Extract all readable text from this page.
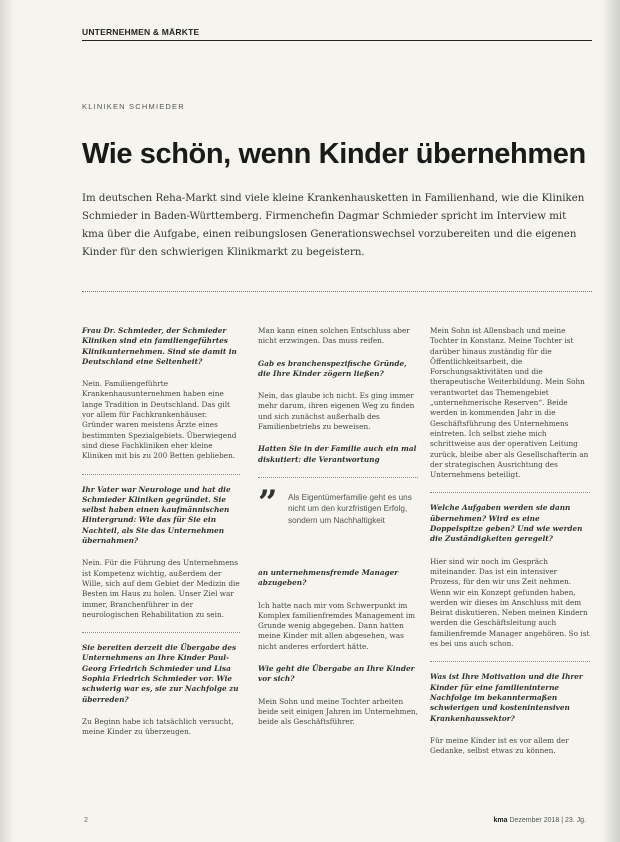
UNTERNEHMEN & MÄRKTE
KLINIKEN SCHMIEDER
Wie schön, wenn Kinder übernehmen

Im deutschen Reha-Markt sind viele kleine Krankenhausketten in Familienhand, wie die Kliniken Schmieder in Baden-Württemberg. Firmenchefin Dagmar Schmieder spricht im Interview mit kma über die Aufgabe, einen reibungslosen Generationswechsel vorzubereiten und die eigenen Kinder für den schwierigen Klinikmarkt zu begeistern.

Frau Dr. Schmieder, der Schmieder Kliniken sind ein familiengeführtes Klinikunternehmen. Sind sie damit in Deutschland eine Seltenheit?

Nein. Familiengeführte Krankenhausunternehmen haben eine lange Tradition in Deutschland. Das gilt vor allem für Fachkrankenhäuser. Gründer waren meistens Ärzte eines bestimmten Spezialgebiets. Überwiegend sind diese Fachkliniken eher kleine Kliniken mit bis zu 200 Betten geblieben.

Ihr Vater war Neurologe und hat die Schmieder Kliniken gegründet. Sie selbst haben einen kaufmännischen Hintergrund: Wie das für Sie ein Nachteil, als Sie das Unternehmen übernahmen?

Nein. Für die Führung des Unternehmens ist Kompetenz wichtig, außerdem der Wille, sich auf dem Gebiet der Medizin die Besten im Haus zu holen. Unser Ziel war immer, Branchenführer in der neurologischen Rehabilitation zu sein.

Sie bereiten derzeit die Übergabe des Unternehmens an Ihre Kinder Paul-Georg Friedrich Schmieder und Lisa Sophia Friedrich Schmieder vor. Wie schwierig war es, sie zur Nachfolge zu überreden?

Zu Beginn habe ich tatsächlich versucht, meine Kinder zu überzeugen.

Man kann einen solchen Entschluss aber nicht erzwingen. Das muss reifen.

Gab es branchenspezifische Gründe, die Ihre Kinder zögern ließen?

Nein, das glaube ich nicht. Es ging immer mehr darum, ihren eigenen Weg zu finden und sich zunächst außerhalb des Familienbetriebs zu beweisen.

Hatten Sie in der Familie auch ein mal diskutiert: die Verantwortung

” Als Eigentümerfamilie geht es uns nicht um den kurzfristigen Erfolg, sondern um Nachhaltigkeit

an unternehmensfremde Manager abzugeben?

Ich hatte nach mir vom Schwerpunkt im Komplex familienfremdes Management im Grunde wenig abgegeben. Dann hatten meine Kinder mit allen abgesehen, was nicht anderes erfordert hätte.

Wie geht die Übergabe an Ihre Kinder vor sich?

Mein Sohn und meine Tochter arbeiten beide seit einigen Jahren im Unternehmen, beide als Geschäftsführer.

Mein Sohn ist Allensbach und meine Tochter in Konstanz. Meine Tochter ist darüber hinaus zuständig für die Öffentlichkeitsarbeit, die Forschungsaktivitäten und die therapeutische Weiterbildung. Mein Sohn verantwortet das Themengebiet „unternehmerische Reserven“. Beide werden in kommenden Jahr in die Geschäftsführung des Unternehmens eintreten. Ich selbst ziehe mich schrittweise aus der operativen Leitung zurück, bleibe aber als Gesellschafterin an der strategischen Ausrichtung des Unternehmens beteiligt.

Welche Aufgaben werden sie dann übernehmen? Wird es eine Doppelspitze geben? Und wie werden die Zuständigkeiten geregelt?

Hier sind wir noch im Gespräch miteinander. Das ist ein intensiver Prozess, für den wir uns Zeit nehmen. Wenn wir ein Konzept gefunden haben, werden wir dieses im Anschluss mit dem Beirat diskutieren. Neben meinen Kindern werden die Geschäftsleitung auch familienfremde Manager angehören. So ist es bei uns auch schon.

Was ist Ihre Motivation und die Ihrer Kinder für eine familieninterne Nachfolge im bekanntermaßen schwierigen und kostenintensiven Krankenhaussektor?

Für meine Kinder ist es vor allem der Gedanke, selbst etwas zu können.

2	kma Dezember 2018 | 23. Jg.
